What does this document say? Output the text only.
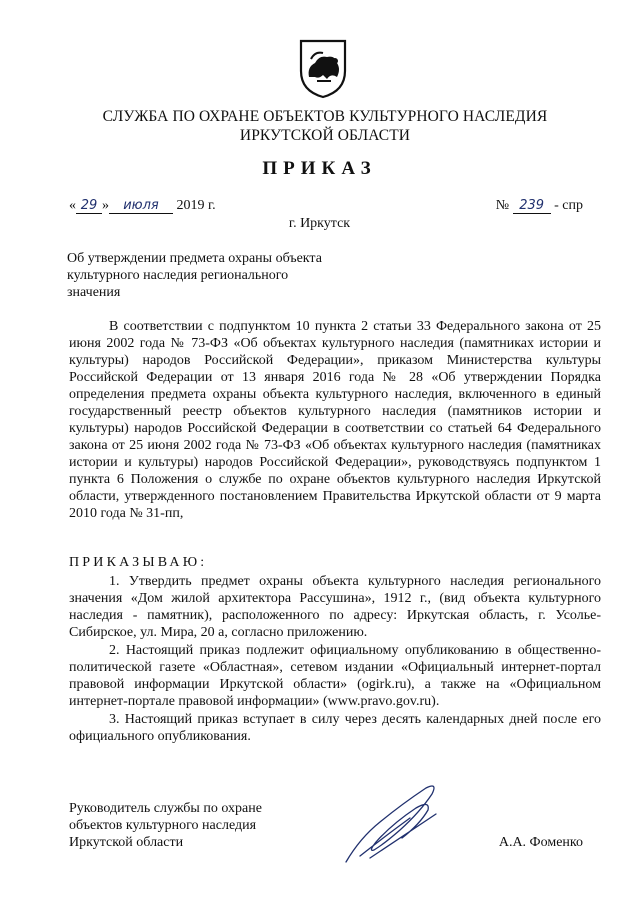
СЛУЖБА ПО ОХРАНЕ ОБЪЕКТОВ КУЛЬТУРНОГО НАСЛЕДИЯ ИРКУТСКОЙ ОБЛАСТИ
ПРИКАЗ
« 29 » июля 2019 г.	№ 239 - спр
г. Иркутск
Об утверждении предмета охраны объекта культурного наследия регионального значения

В соответствии с подпунктом 10 пункта 2 статьи 33 Федерального закона от 25 июня 2002 года № 73-ФЗ «Об объектах культурного наследия (памятниках истории и культуры) народов Российской Федерации», приказом Министерства культуры Российской Федерации от 13 января 2016 года № 28 «Об утверждении Порядка определения предмета охраны объекта культурного наследия, включенного в единый государственный реестр объектов культурного наследия (памятников истории и культуры) народов Российской Федерации в соответствии со статьей 64 Федерального закона от 25 июня 2002 года № 73-ФЗ «Об объектах культурного наследия (памятниках истории и культуры) народов Российской Федерации», руководствуясь подпунктом 1 пункта 6 Положения о службе по охране объектов культурного наследия Иркутской области, утвержденного постановлением Правительства Иркутской области от 9 марта 2010 года № 31-пп,

ПРИКАЗЫВАЮ:

1. Утвердить предмет охраны объекта культурного наследия регионального значения «Дом жилой архитектора Рассушина», 1912 г., (вид объекта культурного наследия - памятник), расположенного по адресу: Иркутская область, г. Усолье-Сибирское, ул. Мира, 20 а, согласно приложению.

2. Настоящий приказ подлежит официальному опубликованию в общественно-политической газете «Областная», сетевом издании «Официальный интернет-портал правовой информации Иркутской области» (ogirk.ru), а также на «Официальном интернет-портале правовой информации» (www.pravo.gov.ru).

3. Настоящий приказ вступает в силу через десять календарных дней после его официального опубликования.

Руководитель службы по охране
объектов культурного наследия
Иркутской области	А.А. Фоменко
